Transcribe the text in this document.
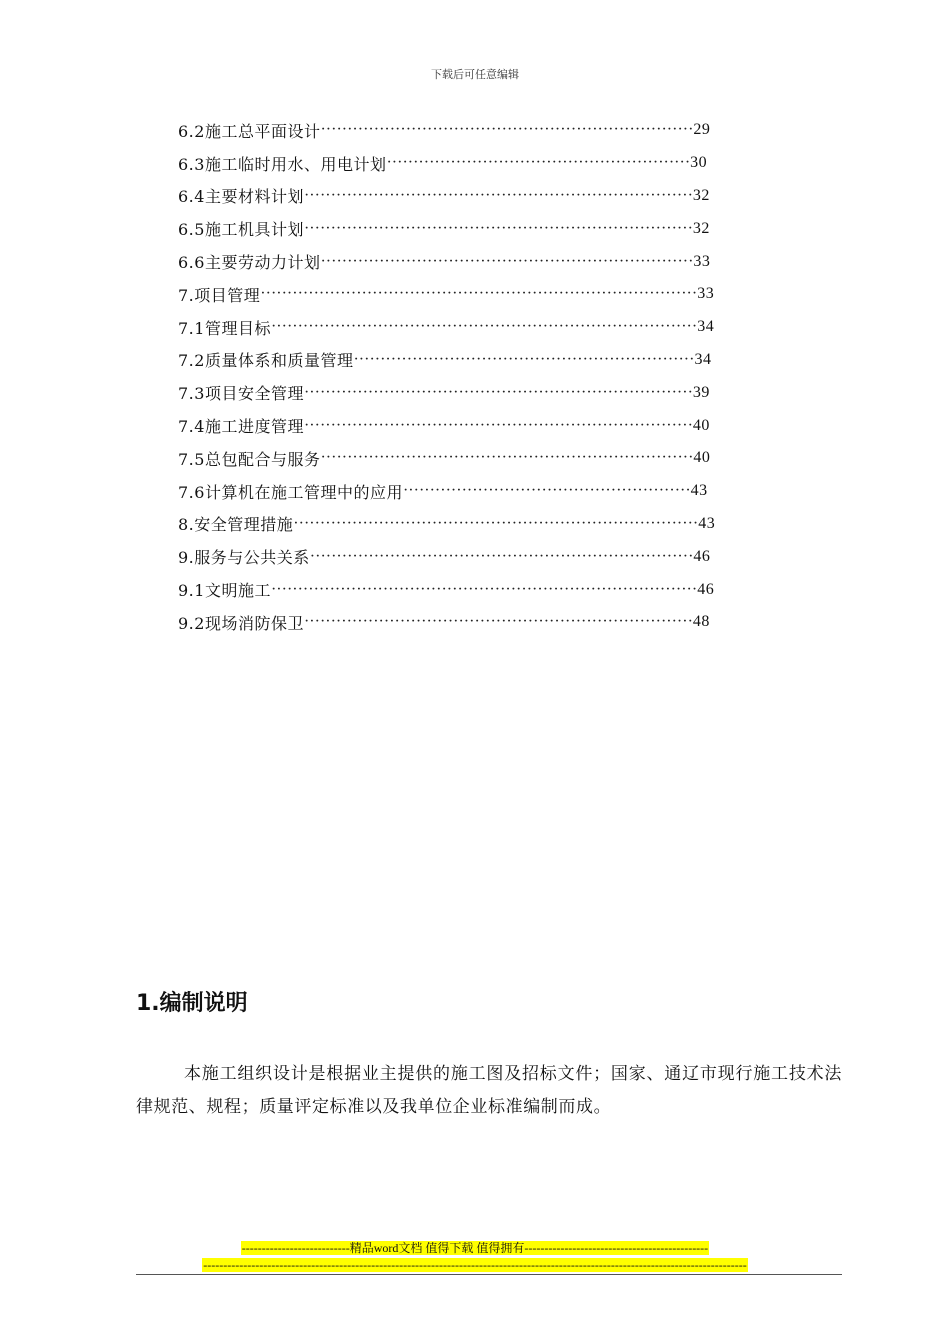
下载后可任意编辑
6.2施工总平面设计 ······································································ 29
6.3施工临时用水、用电计划 ························································· 30
6.4主要材料计划 ········································································· 32
6.5施工机具计划 ········································································· 32
6.6主要劳动力计划 ······································································ 33
7.项目管理 ·················································································· 33
7.1管理目标 ················································································ 34
7.2质量体系和质量管理 ································································ 34
7.3项目安全管理 ········································································· 39
7.4施工进度管理 ········································································· 40
7.5总包配合与服务 ······································································ 40
7.6计算机在施工管理中的应用 ······················································ 43
8.安全管理措施 ············································································ 43
9.服务与公共关系 ········································································ 46
9.1文明施工 ················································································ 46
9.2现场消防保卫 ········································································· 48
1.编制说明
本施工组织设计是根据业主提供的施工图及招标文件；国家、通辽市现行施工技术法律规范、规程；质量评定标准以及我单位企业标准编制而成。
---------------------------精品word文档 值得下载 值得拥有----------------------------------------------
----------------------------------------------------------------------------------------------------------------------------------------
